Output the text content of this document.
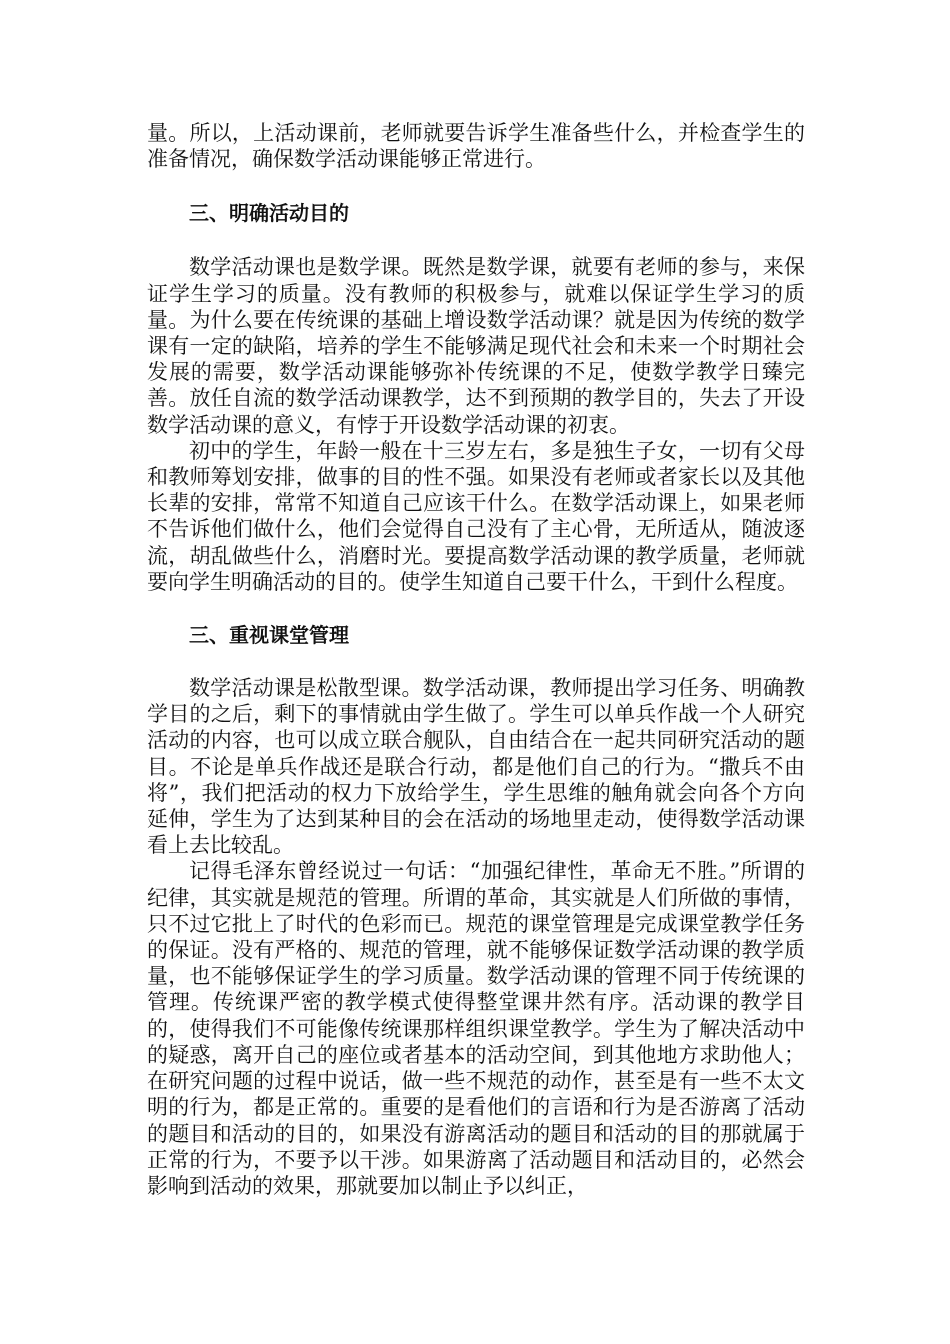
量。所以，上活动课前，老师就要告诉学生准备些什么，并检查学生的准备情况，确保数学活动课能够正常进行。

三、明确活动目的

数学活动课也是数学课。既然是数学课，就要有老师的参与，来保证学生学习的质量。没有教师的积极参与，就难以保证学生学习的质量。为什么要在传统课的基础上增设数学活动课？就是因为传统的数学课有一定的缺陷，培养的学生不能够满足现代社会和未来一个时期社会发展的需要，数学活动课能够弥补传统课的不足，使数学教学日臻完善。放任自流的数学活动课教学，达不到预期的教学目的，失去了开设数学活动课的意义，有悖于开设数学活动课的初衷。

初中的学生，年龄一般在十三岁左右，多是独生子女，一切有父母和教师筹划安排，做事的目的性不强。如果没有老师或者家长以及其他长辈的安排，常常不知道自己应该干什么。在数学活动课上，如果老师不告诉他们做什么，他们会觉得自己没有了主心骨，无所适从，随波逐流，胡乱做些什么，消磨时光。要提高数学活动课的教学质量，老师就要向学生明确活动的目的。使学生知道自己要干什么，干到什么程度。

三、重视课堂管理

数学活动课是松散型课。数学活动课，教师提出学习任务、明确教学目的之后，剩下的事情就由学生做了。学生可以单兵作战一个人研究活动的内容，也可以成立联合舰队，自由结合在一起共同研究活动的题目。不论是单兵作战还是联合行动，都是他们自己的行为。“撒兵不由将”，我们把活动的权力下放给学生，学生思维的触角就会向各个方向延伸，学生为了达到某种目的会在活动的场地里走动，使得数学活动课看上去比较乱。

记得毛泽东曾经说过一句话：“加强纪律性，革命无不胜。”所谓的纪律，其实就是规范的管理。所谓的革命，其实就是人们所做的事情，只不过它批上了时代的色彩而已。规范的课堂管理是完成课堂教学任务的保证。没有严格的、规范的管理，就不能够保证数学活动课的教学质量，也不能够保证学生的学习质量。数学活动课的管理不同于传统课的管理。传统课严密的教学模式使得整堂课井然有序。活动课的教学目的，使得我们不可能像传统课那样组织课堂教学。学生为了解决活动中的疑惑，离开自己的座位或者基本的活动空间，到其他地方求助他人；在研究问题的过程中说话，做一些不规范的动作，甚至是有一些不太文明的行为，都是正常的。重要的是看他们的言语和行为是否游离了活动的题目和活动的目的，如果没有游离活动的题目和活动的目的那就属于正常的行为，不要予以干涉。如果游离了活动题目和活动目的，必然会影响到活动的效果，那就要加以制止予以纠正，
